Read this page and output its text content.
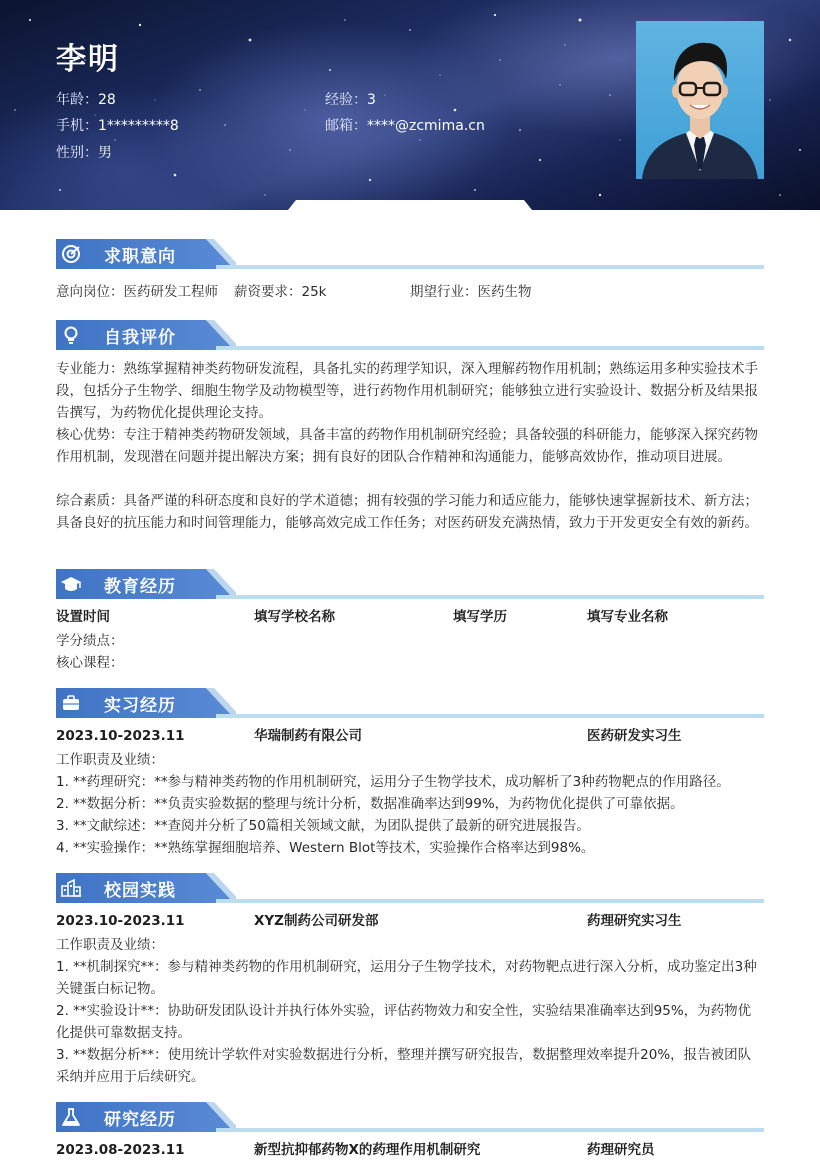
李明
年龄：28	经验：3
手机：1*********8	邮箱：****@zcmima.cn
性别：男
求职意向
意向岗位：医药研发工程师 薪资要求：25k	期望行业：医药生物
自我评价
专业能力：熟练掌握精神类药物研发流程，具备扎实的药理学知识，深入理解药物作用机制；熟练运用多种实验技术手段，包括分子生物学、细胞生物学及动物模型等，进行药物作用机制研究；能够独立进行实验设计、数据分析及结果报告撰写，为药物优化提供理论支持。
核心优势：专注于精神类药物研发领域，具备丰富的药物作用机制研究经验；具备较强的科研能力，能够深入探究药物作用机制，发现潜在问题并提出解决方案；拥有良好的团队合作精神和沟通能力，能够高效协作，推动项目进展。
综合素质：具备严谨的科研态度和良好的学术道德；拥有较强的学习能力和适应能力，能够快速掌握新技术、新方法；具备良好的抗压能力和时间管理能力，能够高效完成工作任务；对医药研发充满热情，致力于开发更安全有效的新药。
教育经历
设置时间	填写学校名称	填写学历	填写专业名称
学分绩点：
核心课程：
实习经历
2023.10-2023.11	华瑞制药有限公司	医药研发实习生
工作职责及业绩：
1. **药理研究：**参与精神类药物的作用机制研究，运用分子生物学技术，成功解析了3种药物靶点的作用路径。
2. **数据分析：**负责实验数据的整理与统计分析，数据准确率达到99%，为药物优化提供了可靠依据。
3. **文献综述：**查阅并分析了50篇相关领域文献，为团队提供了最新的研究进展报告。
4. **实验操作：**熟练掌握细胞培养、Western Blot等技术，实验操作合格率达到98%。
校园实践
2023.10-2023.11	XYZ制药公司研发部	药理研究实习生
工作职责及业绩：
1. **机制探究**：参与精神类药物的作用机制研究，运用分子生物学技术，对药物靶点进行深入分析，成功鉴定出3种关键蛋白标记物。
2. **实验设计**：协助研发团队设计并执行体外实验，评估药物效力和安全性，实验结果准确率达到95%，为药物优化提供可靠数据支持。
3. **数据分析**：使用统计学软件对实验数据进行分析，整理并撰写研究报告，数据整理效率提升20%，报告被团队采纳并应用于后续研究。
研究经历
2023.08-2023.11	新型抗抑郁药物X的药理作用机制研究	药理研究员
